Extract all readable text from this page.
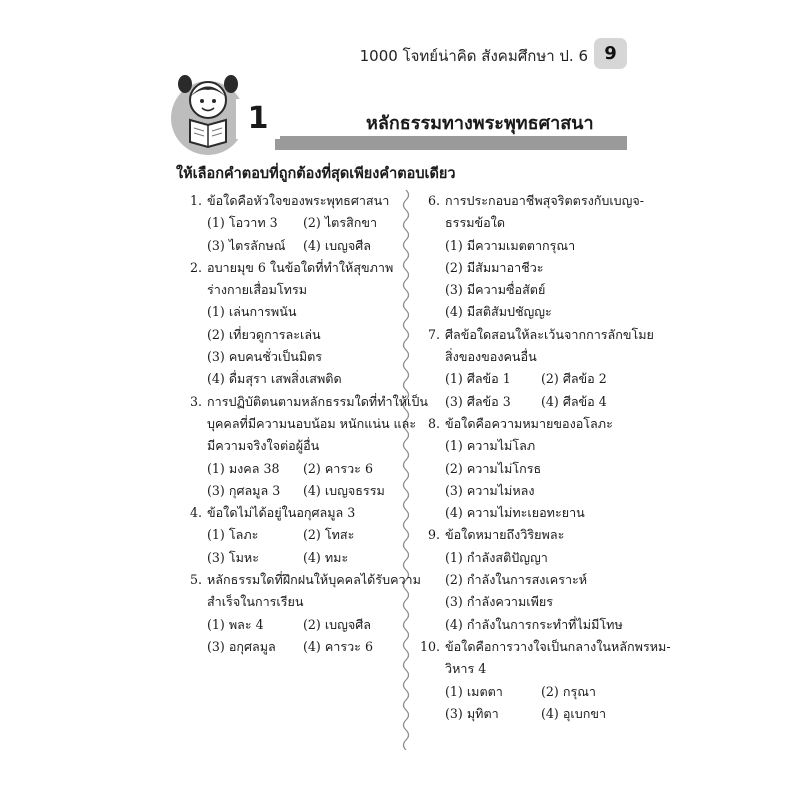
1000 โจทย์น่าคิด สังคมศึกษา ป. 6 9
1	หลักธรรมทางพระพุทธศาสนา
ให้เลือกคำตอบที่ถูกต้องที่สุดเพียงคำตอบเดียว
1. ข้อใดคือหัวใจของพระพุทธศาสนา
(1) โอวาท 3 (2) ไตรสิกขา
(3) ไตรลักษณ์ (4) เบญจศีล
2. อบายมุข 6 ในข้อใดที่ทำให้สุขภาพ
ร่างกายเสื่อมโทรม
(1) เล่นการพนัน
(2) เที่ยวดูการละเล่น
(3) คบคนชั่วเป็นมิตร
(4) ดื่มสุรา เสพสิ่งเสพติด
3. การปฏิบัติตนตามหลักธรรมใดที่ทำให้เป็น
บุคคลที่มีความนอบน้อม หนักแน่น และ
มีความจริงใจต่อผู้อื่น
(1) มงคล 38 (2) คารวะ 6
(3) กุศลมูล 3 (4) เบญจธรรม
4. ข้อใดไม่ได้อยู่ในอกุศลมูล 3
(1) โลภะ	(2) โทสะ
(3) โมหะ	(4) ทมะ
5. หลักธรรมใดที่ฝึกฝนให้บุคคลได้รับความ
สำเร็จในการเรียน
(1) พละ 4	(2) เบญจศีล
(3) อกุศลมูล (4) คารวะ 6
6. การประกอบอาชีพสุจริตตรงกับเบญจ-
ธรรมข้อใด
(1) มีความเมตตากรุณา
(2) มีสัมมาอาชีวะ
(3) มีความซื่อสัตย์
(4) มีสติสัมปชัญญะ
7. ศีลข้อใดสอนให้ละเว้นจากการลักขโมย
สิ่งของของคนอื่น
(1) ศีลข้อ 1 (2) ศีลข้อ 2
(3) ศีลข้อ 3 (4) ศีลข้อ 4
8. ข้อใดคือความหมายของอโลภะ
(1) ความไม่โลภ
(2) ความไม่โกรธ
(3) ความไม่หลง
(4) ความไม่ทะเยอทะยาน
9. ข้อใดหมายถึงวิริยพละ
(1) กำลังสติปัญญา
(2) กำลังในการสงเคราะห์
(3) กำลังความเพียร
(4) กำลังในการกระทำที่ไม่มีโทษ
10. ข้อใดคือการวางใจเป็นกลางในหลักพรหม-
วิหาร 4
(1) เมตตา	(2) กรุณา
(3) มุทิตา	(4) อุเบกขา
